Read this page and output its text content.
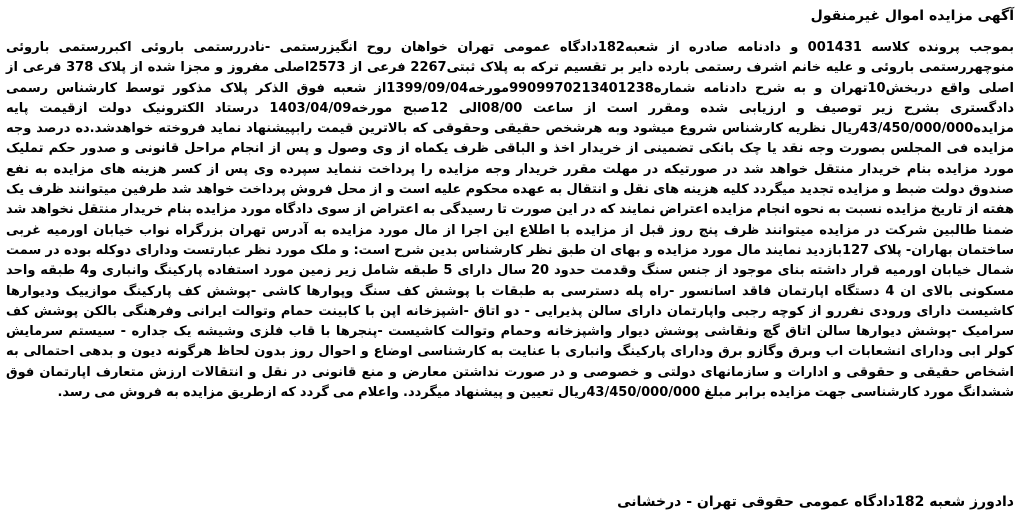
آگهی مزایده اموال غیرمنقول
بموجب پرونده کلاسه 001431 و دادنامه صادره از شعبه182دادگاه عمومی تهران خواهان روح انگیزرستمی -نادررستمی باروئی اکبررستمی باروئی منوچهررستمی باروئی و علیه خانم اشرف رستمی بارده دایر بر تقسیم ترکه به پلاک ثبتی2267 فرعی از 2573اصلی مفروز و مجزا شده از پلاک 378 فرعی از اصلی واقع دربخش10تهران و به شرح دادنامه شماره9909970213401238مورخه1399/09/04از شعبه فوق الذکر پلاک مذکور توسط کارشناس رسمی دادگستری بشرح زیر توصیف و ارزیابی شده ومقرر است از ساعت 08/00الی 12صبح مورخه1403/04/09 درستاد الکترونیک دولت ازقیمت پایه مزایده43/450/000/000ریال نظریه کارشناس شروع میشود وبه هرشخص حقیقی وحقوقی که بالاترین قیمت رابپیشنهاد نماید فروخته خواهدشد.ده درصد وجه مزایده فی المجلس بصورت وجه نقد یا چک بانکی تضمینی از خریدار اخذ و الباقی ظرف یکماه از وی وصول و پس از انجام مراحل قانونی و صدور حکم تملیک مورد مزایده بنام خریدار منتقل خواهد شد در صورتیکه در مهلت مقرر خریدار وجه مزایده را پرداخت ننماید سپرده وی پس از کسر هزینه های مزایده به نفع صندوق دولت ضبط و مزایده تجدید میگردد کلیه هزینه های نقل و انتقال به عهده محکوم علیه است و از محل فروش پرداخت خواهد شد طرفین میتوانند ظرف یک هفته از تاریخ مزایده نسبت به نحوه انجام مزایده اعتراض نمایند که در این صورت تا رسیدگی به اعتراض از سوی دادگاه مورد مزایده بنام خریدار منتقل نخواهد شد ضمنا طالبین شرکت در مزایده میتوانند ظرف پنج روز قبل از مزایده با اطلاع این اجرا از مال مورد مزایده به آدرس تهران بزرگراه نواب خیابان اورمیه غربی ساختمان بهاران- پلاک 127بازدید نمایند مال مورد مزایده و بهای ان طبق نظر کارشناس بدین شرح است: و ملک مورد نظر عبارتست ودارای دوکله بوده در سمت شمال خیابان اورمیه قرار داشته بنای موجود از جنس سنگ وقدمت حدود 20 سال دارای 5 طبقه شامل زیر زمین مورد استفاده پارکینگ وانباری و4 طبقه واحد مسکونی بالای ان 4 دستگاه اپارتمان فاقد اسانسور -راه پله دسترسی به طبقات با پوشش کف سنگ وپوارها کاشی -پوشش کف پارکینگ موازییک ودیوارها کاشیست دارای ورودی نفررو از کوچه رجبی واپارتمان دارای سالن پذیرایی - دو اتاق -اشپزخانه اپن با کابینت حمام وتوالت ایرانی وفرهنگی بالکن پوشش کف سرامیک -پوشش دیوارها سالن اتاق گچ ونقاشی پوشش دیوار واشپزخانه وحمام وتوالت کاشیست -پنجرها با قاب فلزی وشیشه یک جداره - سیستم سرمایش کولر ابی ودارای انشعابات اب وبرق وگازو برق ودارای پارکینگ وانباری با عنایت به کارشناسی اوضاع و احوال روز بدون لحاظ هرگونه دیون و بدهی احتمالی به اشخاص حقیقی و حقوقی و ادارات و سازمانهای دولتی و خصوصی و در صورت نداشتن معارض و منع قانونی در نقل و انتقالات ارزش متعارف اپارتمان فوق ششدانگ مورد کارشناسی جهت مزایده برابر مبلغ 43/450/000/000ریال تعیین و پیشنهاد میگردد. واعلام می گردد که ازطریق مزایده به فروش می رسد.
دادورز شعبه 182دادگاه عمومی حقوقی تهران - درخشانی
